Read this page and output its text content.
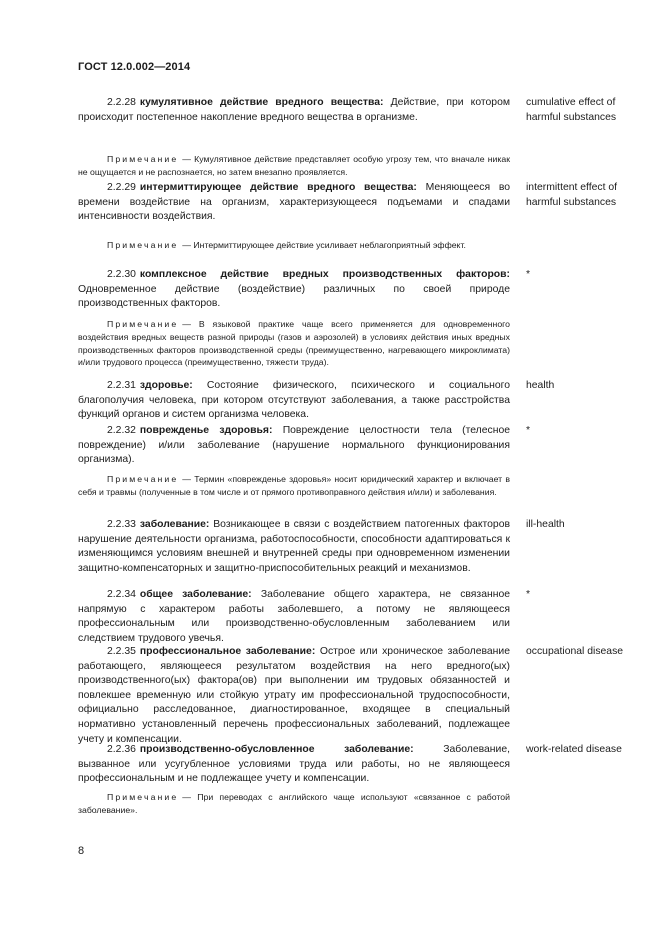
ГОСТ 12.0.002—2014
2.2.28 кумулятивное действие вредного вещества: Действие, при котором происходит постепенное накопление вредного вещества в организме.
cumulative effect of harmful substances
Примечание — Кумулятивное действие представляет особую угрозу тем, что вначале никак не ощущается и не распознается, но затем внезапно проявляется.
2.2.29 интермиттирующее действие вредного вещества: Меняющееся во времени воздействие на организм, характеризующееся подъемами и спадами интенсивности воздействия.
intermittent effect of harmful substances
Примечание — Интермиттирующее действие усиливает неблагоприятный эффект.
2.2.30 комплексное действие вредных производственных факторов: Одновременное действие (воздействие) различных по своей природе производственных факторов.
*
Примечание — В языковой практике чаще всего применяется для одновременного воздействия вредных веществ разной природы (газов и аэрозолей) в условиях действия иных вредных производственных факторов производственной среды (преимущественно, нагревающего микроклимата) и/или трудового процесса (преимущественно, тяжести труда).
2.2.31 здоровье: Состояние физического, психического и социального благополучия человека, при котором отсутствуют заболевания, а также расстройства функций органов и систем организма человека.
health
2.2.32 поврежденье здоровья: Повреждение целостности тела (телесное повреждение) и/или заболевание (нарушение нормального функционирования организма).
*
Примечание — Термин «поврежденье здоровья» носит юридический характер и включает в себя и травмы (полученные в том числе и от прямого противоправного действия и/или) и заболевания.
2.2.33 заболевание: Возникающее в связи с воздействием патогенных факторов нарушение деятельности организма, работоспособности, способности адаптироваться к изменяющимся условиям внешней и внутренней среды при одновременном изменении защитно-компенсаторных и защитно-приспособительных реакций и механизмов.
ill-health
2.2.34 общее заболевание: Заболевание общего характера, не связанное напрямую с характером работы заболевшего, а потому не являющееся профессиональным или производственно-обусловленным заболеванием или следствием трудового увечья.
*
2.2.35 профессиональное заболевание: Острое или хроническое заболевание работающего, являющееся результатом воздействия на него вредного(ых) производственного(ых) фактора(ов) при выполнении им трудовых обязанностей и повлекшее временную или стойкую утрату им профессиональной трудоспособности, официально расследованное, диагностированное, входящее в специальный нормативно установленный перечень профессиональных заболеваний, подлежащее учету и компенсации.
occupational disease
2.2.36 производственно-обусловленное заболевание:	Заболевание, вызванное или усугубленное условиями труда или работы, но не являющееся профессиональным и не подлежащее учету и компенсации.
work-related disease
Примечание — При переводах с английского чаще используют «связанное с работой заболевание».
8
